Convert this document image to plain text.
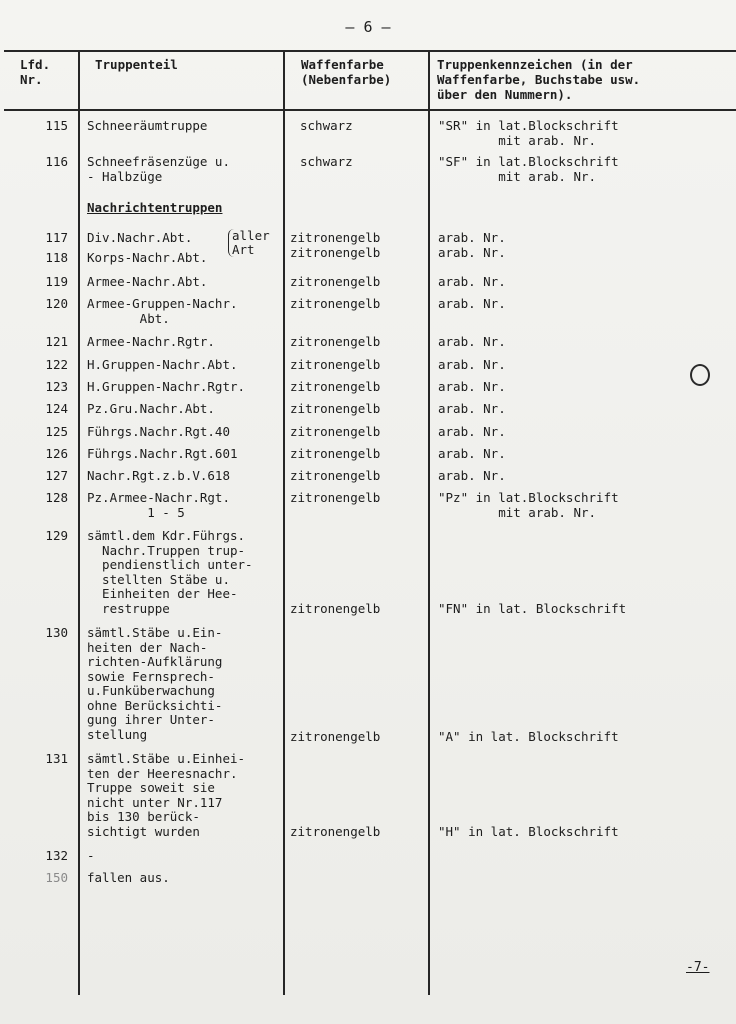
– 6 –
Lfd.
Nr.
Truppenteil	Waffenfarbe
(Nebenfarbe)
Truppenkennzeichen (in der
Waffenfarbe, Buchstabe usw.
über den Nummern).
115 Schneeräumtruppe	schwarz	"SR" in lat.Blockschrift
mit arab. Nr.
116 Schneefräsenzüge u.
- Halbzüge
schwarz	"SF" in lat.Blockschrift
mit arab. Nr.
Nachrichtentruppen
117 Div.Nachr.Abt.	zitronengelb	arab. Nr.
aller
Art
118 Korps-Nachr.Abt.	zitronengelb	arab. Nr.
119 Armee-Nachr.Abt.	zitronengelb	arab. Nr.
120 Armee-Gruppen-Nachr.
Abt.
zitronengelb	arab. Nr.
121 Armee-Nachr.Rgtr.	zitronengelb	arab. Nr.
122 H.Gruppen-Nachr.Abt.	zitronengelb	arab. Nr.
123 H.Gruppen-Nachr.Rgtr.	zitronengelb	arab. Nr.
124 Pz.Gru.Nachr.Abt.	zitronengelb	arab. Nr.
125 Führgs.Nachr.Rgt.40	zitronengelb	arab. Nr.
126 Führgs.Nachr.Rgt.601	zitronengelb	arab. Nr.
127 Nachr.Rgt.z.b.V.618	zitronengelb	arab. Nr.
128 Pz.Armee-Nachr.Rgt.
1 - 5
zitronengelb	"Pz" in lat.Blockschrift
mit arab. Nr.
129 sämtl.dem Kdr.Führgs.
Nachr.Truppen trup-
pendienstlich unter-
stellten Stäbe u.
Einheiten der Hee-
restruppe	zitronengelb	"FN" in lat. Blockschrift
130 sämtl.Stäbe u.Ein-
heiten der Nach-
richten-Aufklärung
sowie Fernsprech-
u.Funküberwachung
ohne Berücksichti-
gung ihrer Unter-
stellung	zitronengelb	"A" in lat. Blockschrift
131 sämtl.Stäbe u.Einhei-
ten der Heeresnachr.
Truppe soweit sie
nicht unter Nr.117
bis 130 berück-
sichtigt wurden	zitronengelb	"H" in lat. Blockschrift
132 -
150 fallen aus.
-7-
